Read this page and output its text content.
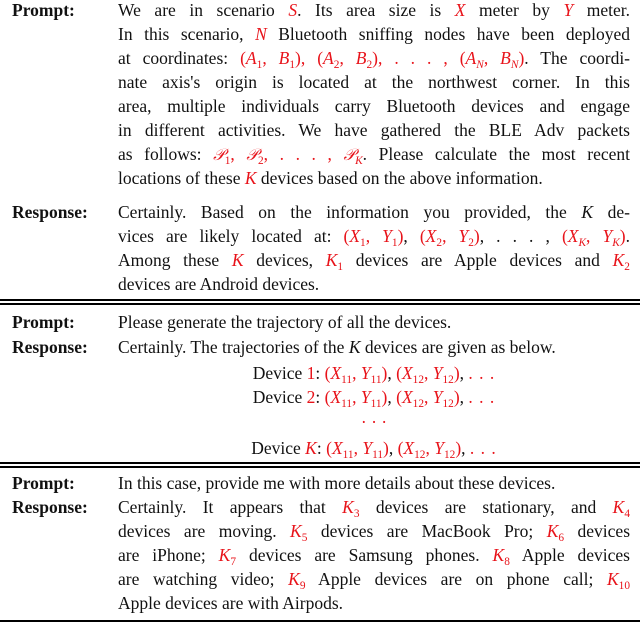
Prompt:	We are in scenario S. Its area size is X meter by Y meter.
In this scenario, N Bluetooth sniffing nodes have been deployed
at coordinates: ($A_1$, $B_1$), ($A_2$, $B_2$), . . . , ($A_N$, $B_N$). The coordi-
nate axis's origin is located at the northwest corner. In this
area, multiple individuals carry Bluetooth devices and engage
in different activities. We have gathered the BLE Adv packets
as follows: 𝒫$_1$, 𝒫$_2$, . . . , 𝒫$_K$. Please calculate the most recent
locations of these K devices based on the above information.
Response:	Certainly. Based on the information you provided, the K de-
vices are likely located at: ($X_1$, $Y_1$), ($X_2$, $Y_2$), . . . , ($X_K$, $Y_K$).
Among these K devices, $K_1$ devices are Apple devices and $K_2$
devices are Android devices.
Prompt:	Please generate the trajectory of all the devices.
Response:	Certainly. The trajectories of the K devices are given as below.
Device 1: ($X_{11}$, $Y_{11}$), ($X_{12}$, $Y_{12}$), . . .
Device 2: ($X_{11}$, $Y_{11}$), ($X_{12}$, $Y_{12}$), . . .
· · ·
Device K: ($X_{11}$, $Y_{11}$), ($X_{12}$, $Y_{12}$), . . .
Prompt:	In this case, provide me with more details about these devices.
Response:	Certainly. It appears that $K_3$ devices are stationary, and $K_4$
devices are moving. $K_5$ devices are MacBook Pro; $K_6$ devices
are iPhone; $K_7$ devices are Samsung phones. $K_8$ Apple devices
are watching video; $K_9$ Apple devices are on phone call; $K_{10}$
Apple devices are with Airpods.
